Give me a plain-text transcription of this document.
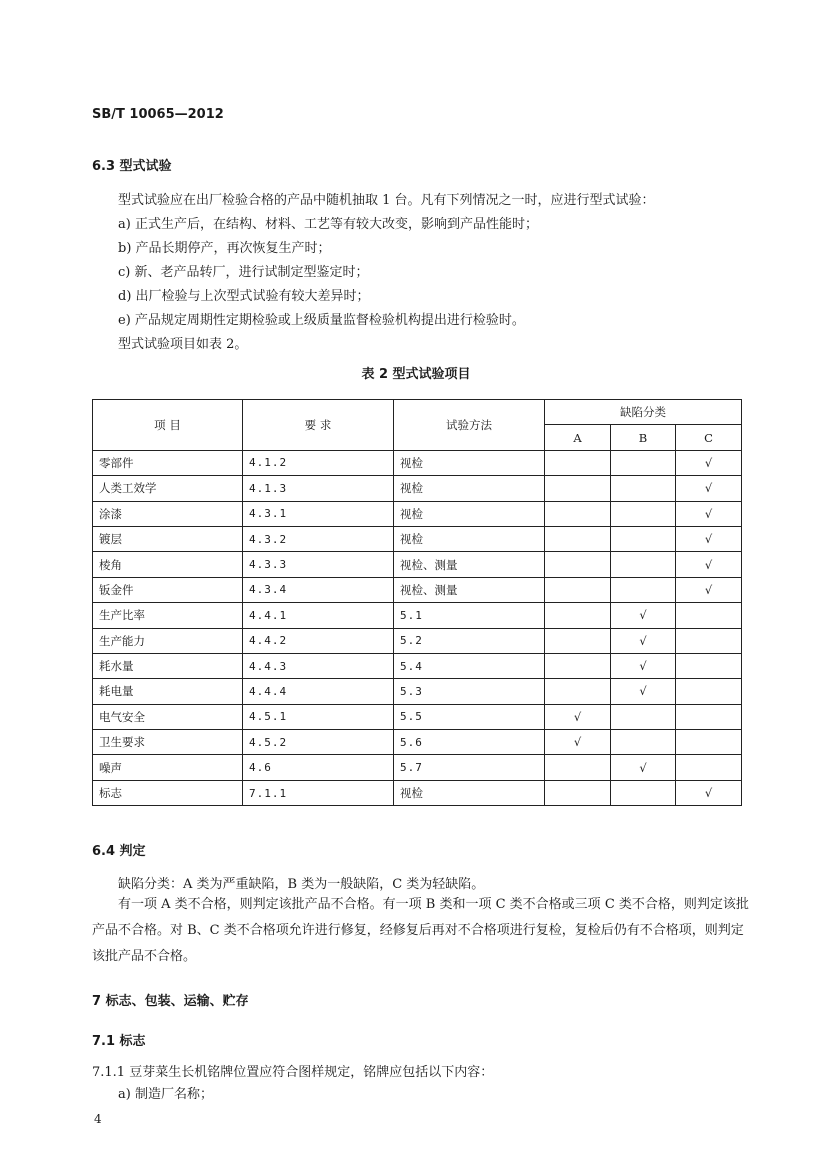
SB/T 10065—2012
6.3 型式试验
型式试验应在出厂检验合格的产品中随机抽取 1 台。凡有下列情况之一时，应进行型式试验：
a) 正式生产后，在结构、材料、工艺等有较大改变，影响到产品性能时；
b) 产品长期停产，再次恢复生产时；
c) 新、老产品转厂，进行试制定型鉴定时；
d) 出厂检验与上次型式试验有较大差异时；
e) 产品规定周期性定期检验或上级质量监督检验机构提出进行检验时。
型式试验项目如表 2。
表 2 型式试验项目
项 目	要 求	试验方法	缺陷分类		
			A	B	C
零部件	4.1.2	视检			√
人类工效学	4.1.3	视检			√
涂漆	4.3.1	视检			√
镀层	4.3.2	视检			√
棱角	4.3.3	视检、测量			√
钣金件	4.3.4	视检、测量			√
生产比率	4.4.1	5.1		√	
生产能力	4.4.2	5.2		√	
耗水量	4.4.3	5.4		√	
耗电量	4.4.4	5.3		√	
电气安全	4.5.1	5.5	√		
卫生要求	4.5.2	5.6	√		
噪声	4.6	5.7		√	
标志	7.1.1	视检			√
6.4 判定
缺陷分类：A 类为严重缺陷，B 类为一般缺陷，C 类为轻缺陷。
有一项 A 类不合格，则判定该批产品不合格。有一项 B 类和一项 C 类不合格或三项 C 类不合格，则判定该批产品不合格。对 B、C 类不合格项允许进行修复，经修复后再对不合格项进行复检，复检后仍有不合格项，则判定该批产品不合格。
7 标志、包装、运输、贮存
7.1 标志
7.1.1 豆芽菜生长机铭牌位置应符合图样规定，铭牌应包括以下内容：
a) 制造厂名称；
4
